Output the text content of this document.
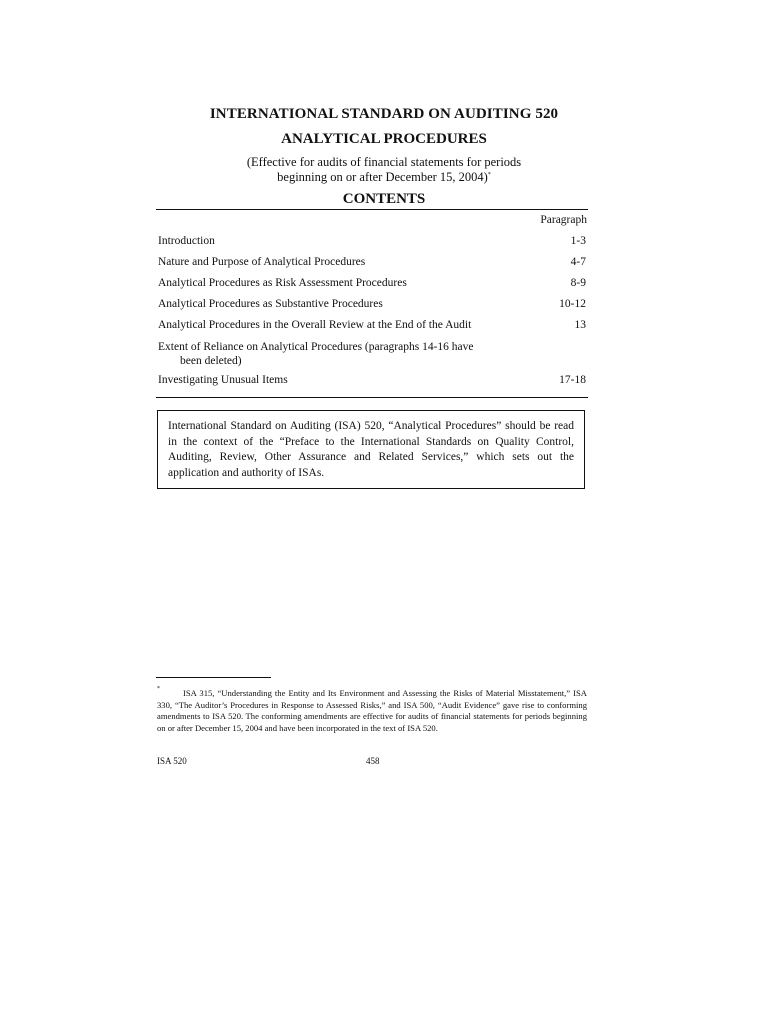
INTERNATIONAL STANDARD ON AUDITING 520
ANALYTICAL PROCEDURES
(Effective for audits of financial statements for periods
beginning on or after December 15, 2004)*
CONTENTS
Paragraph
Introduction .....	1-3
Nature and Purpose of Analytical Procedures .....	4-7
Analytical Procedures as Risk Assessment Procedures .....	8-9
Analytical Procedures as Substantive Procedures .....	10-12
Analytical Procedures in the Overall Review at the End of the Audit .....	13
Extent of Reliance on Analytical Procedures (paragraphs 14-16 have
been deleted)
Investigating Unusual Items .....	17-18
International Standard on Auditing (ISA) 520, “Analytical Procedures” should be read in the context of the “Preface to the International Standards on Quality Control, Auditing, Review, Other Assurance and Related Services,” which sets out the application and authority of ISAs.
*	ISA 315, “Understanding the Entity and Its Environment and Assessing the Risks of Material Misstatement,” ISA 330, “The Auditor’s Procedures in Response to Assessed Risks,” and ISA 500, “Audit Evidence” gave rise to conforming amendments to ISA 520. The conforming amendments are effective for audits of financial statements for periods beginning on or after December 15, 2004 and have been incorporated in the text of ISA 520.
ISA 520	458
